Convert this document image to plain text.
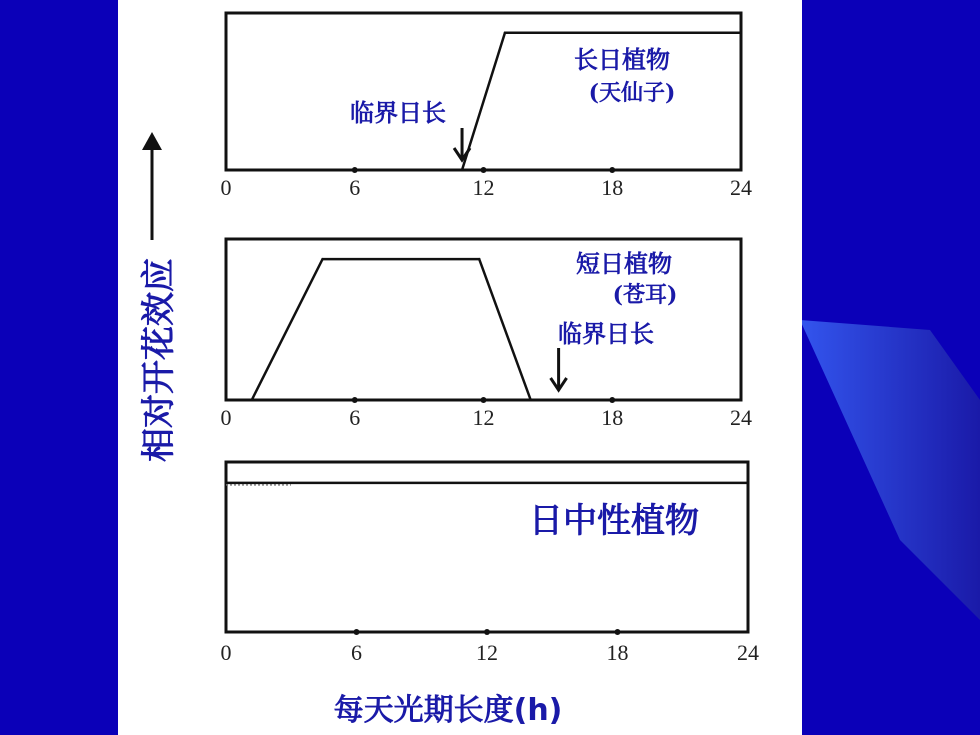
0	6	12	18	24
长日植物
(天仙子)
临界日长
0	6	12	18	24
短日植物
(苍耳)
临界日长
0	6	12	18	24
日中性植物
相对开花效应
每天光期长度(h)
